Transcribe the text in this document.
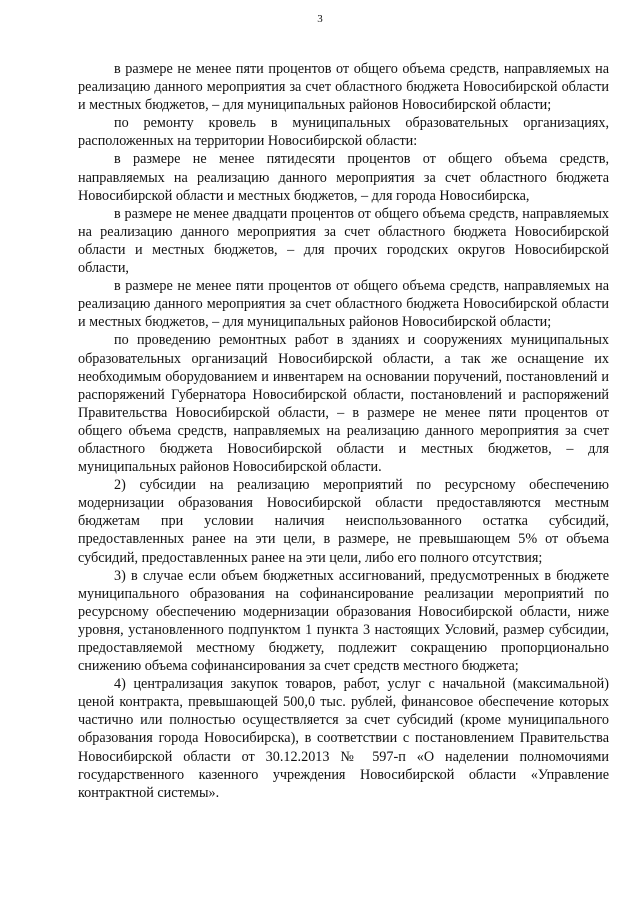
3

в размере не менее пяти процентов от общего объема средств, направляемых на реализацию данного мероприятия за счет областного бюджета Новосибирской области и местных бюджетов, – для муниципальных районов Новосибирской области;

по ремонту кровель в муниципальных образовательных организациях, расположенных на территории Новосибирской области:

в размере не менее пятидесяти процентов от общего объема средств, направляемых на реализацию данного мероприятия за счет областного бюджета Новосибирской области и местных бюджетов, – для города Новосибирска,

в размере не менее двадцати процентов от общего объема средств, направляемых на реализацию данного мероприятия за счет областного бюджета Новосибирской области и местных бюджетов, – для прочих городских округов Новосибирской области,

в размере не менее пяти процентов от общего объема средств, направляемых на реализацию данного мероприятия за счет областного бюджета Новосибирской области и местных бюджетов, – для муниципальных районов Новосибирской области;

по проведению ремонтных работ в зданиях и сооружениях муниципальных образовательных организаций Новосибирской области, а так же оснащение их необходимым оборудованием и инвентарем на основании поручений, постановлений и распоряжений Губернатора Новосибирской области, постановлений и распоряжений Правительства Новосибирской области, – в размере не менее пяти процентов от общего объема средств, направляемых на реализацию данного мероприятия за счет областного бюджета Новосибирской области и местных бюджетов, – для муниципальных районов Новосибирской области.

2) субсидии на реализацию мероприятий по ресурсному обеспечению модернизации образования Новосибирской области предоставляются местным бюджетам при условии наличия неиспользованного остатка субсидий, предоставленных ранее на эти цели, в размере, не превышающем 5% от объема субсидий, предоставленных ранее на эти цели, либо его полного отсутствия;

3) в случае если объем бюджетных ассигнований, предусмотренных в бюджете муниципального образования на софинансирование реализации мероприятий по ресурсному обеспечению модернизации образования Новосибирской области, ниже уровня, установленного подпунктом 1 пункта 3 настоящих Условий, размер субсидии, предоставляемой местному бюджету, подлежит сокращению пропорционально снижению объема софинансирования за счет средств местного бюджета;

4) централизация закупок товаров, работ, услуг с начальной (максимальной) ценой контракта, превышающей 500,0 тыс. рублей, финансовое обеспечение которых частично или полностью осуществляется за счет субсидий (кроме муниципального образования города Новосибирска), в соответствии с постановлением Правительства Новосибирской области от 30.12.2013 № 597-п «О наделении полномочиями государственного казенного учреждения Новосибирской области «Управление контрактной системы».
